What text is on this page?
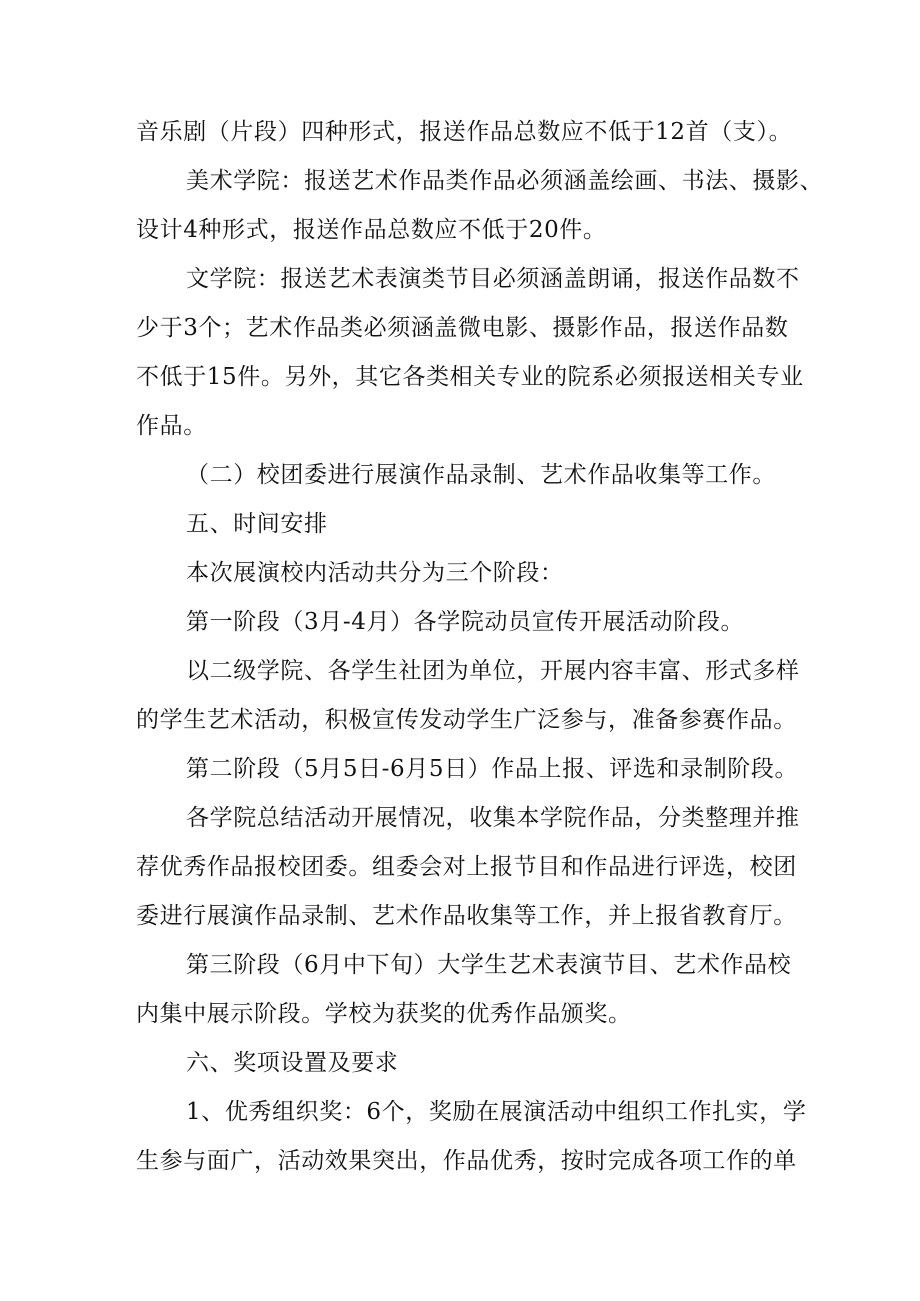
音乐剧（片段）四种形式，报送作品总数应不低于12首（支）。
美术学院：报送艺术作品类作品必须涵盖绘画、书法、摄影、
设计4种形式，报送作品总数应不低于20件。
文学院：报送艺术表演类节目必须涵盖朗诵，报送作品数不
少于3个；艺术作品类必须涵盖微电影、摄影作品，报送作品数
不低于15件。另外，其它各类相关专业的院系必须报送相关专业
作品。
（二）校团委进行展演作品录制、艺术作品收集等工作。
五、时间安排
本次展演校内活动共分为三个阶段：
第一阶段（3月-4月）各学院动员宣传开展活动阶段。
以二级学院、各学生社团为单位，开展内容丰富、形式多样
的学生艺术活动，积极宣传发动学生广泛参与，准备参赛作品。
第二阶段（5月5日-6月5日）作品上报、评选和录制阶段。
各学院总结活动开展情况，收集本学院作品，分类整理并推
荐优秀作品报校团委。组委会对上报节目和作品进行评选，校团
委进行展演作品录制、艺术作品收集等工作，并上报省教育厅。
第三阶段（6月中下旬）大学生艺术表演节目、艺术作品校
内集中展示阶段。学校为获奖的优秀作品颁奖。
六、奖项设置及要求
1、优秀组织奖：6个，奖励在展演活动中组织工作扎实，学
生参与面广，活动效果突出，作品优秀，按时完成各项工作的单
